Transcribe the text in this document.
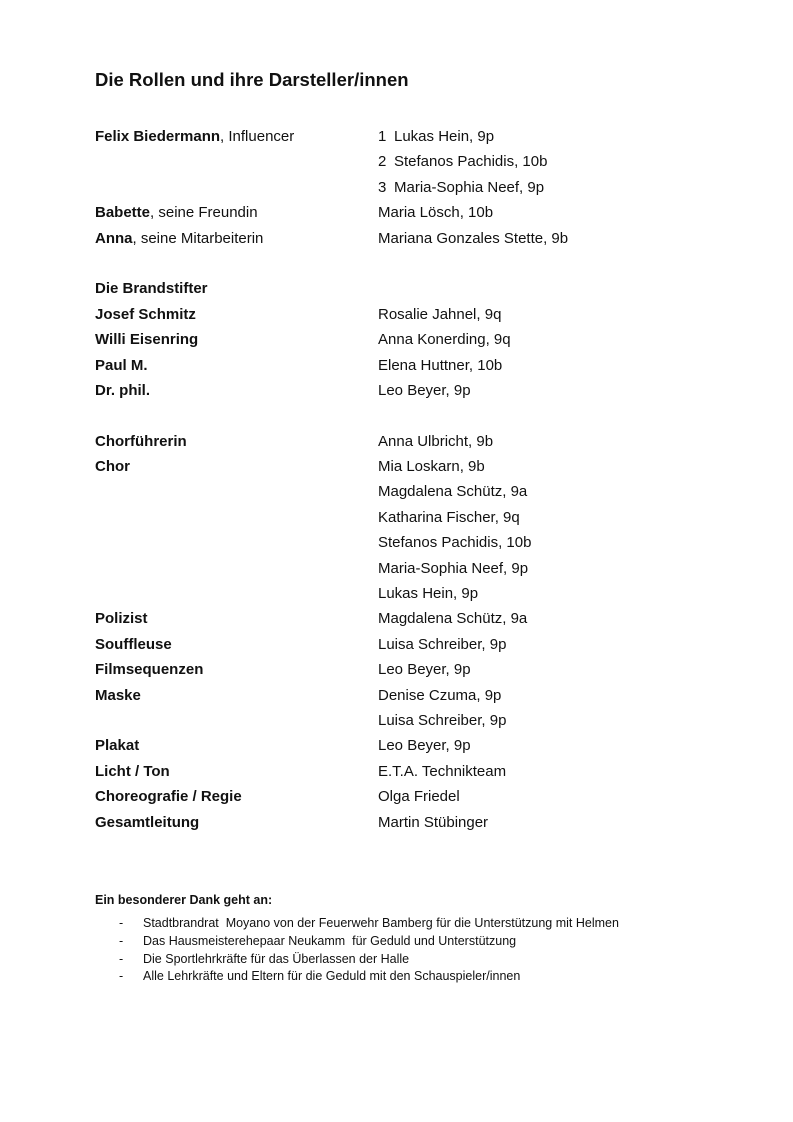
Die Rollen und ihre Darsteller/innen
Felix Biedermann, Influencer	1 Lukas Hein, 9p
2 Stefanos Pachidis, 10b
3 Maria-Sophia Neef, 9p
Babette, seine Freundin	Maria Lösch, 10b
Anna, seine Mitarbeiterin	Mariana Gonzales Stette, 9b
Die Brandstifter
Josef Schmitz	Rosalie Jahnel, 9q
Willi Eisenring	Anna Konerding, 9q
Paul M.	Elena Huttner, 10b
Dr. phil.	Leo Beyer, 9p
Chorführerin	Anna Ulbricht, 9b
Chor	Mia Loskarn, 9b
Magdalena Schütz, 9a
Katharina Fischer, 9q
Stefanos Pachidis, 10b
Maria-Sophia Neef, 9p
Lukas Hein, 9p
Polizist	Magdalena Schütz, 9a
Souffleuse	Luisa Schreiber, 9p
Filmsequenzen	Leo Beyer, 9p
Maske	Denise Czuma, 9p
Luisa Schreiber, 9p
Plakat	Leo Beyer, 9p
Licht / Ton	E.T.A. Technikteam
Choreografie / Regie	Olga Friedel
Gesamtleitung	Martin Stübinger
Ein besonderer Dank geht an:
-	Stadtbrandrat  Moyano von der Feuerwehr Bamberg für die Unterstützung mit Helmen
-	Das Hausmeisterehepaar Neukamm  für Geduld und Unterstützung
-	Die Sportlehrkräfte für das Überlassen der Halle
-	Alle Lehrkräfte und Eltern für die Geduld mit den Schauspieler/innen
